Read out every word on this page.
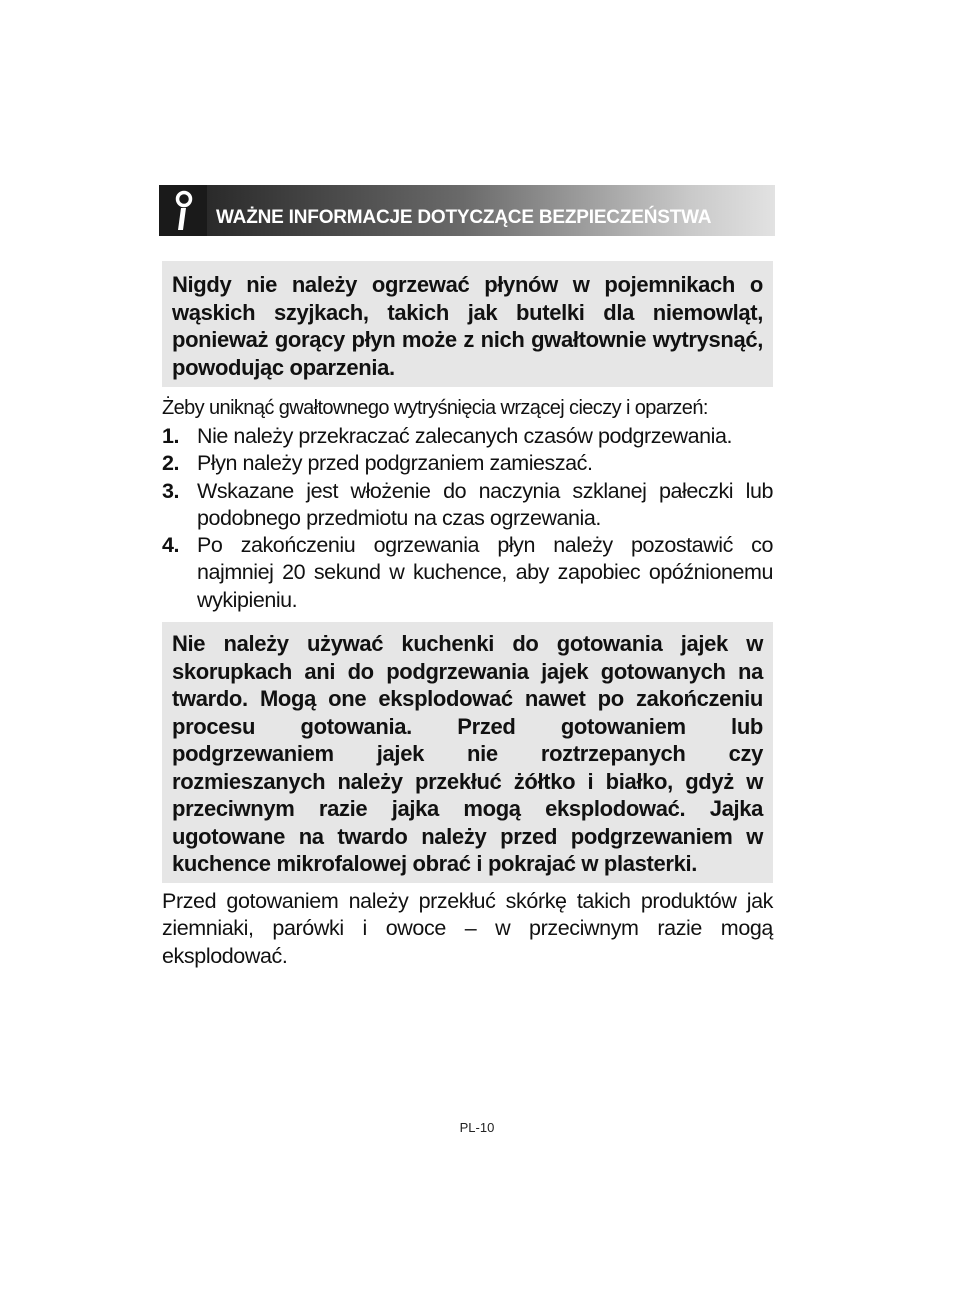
WAŻNE INFORMACJE DOTYCZĄCE BEZPIECZEŃSTWA
Nigdy nie należy ogrzewać płynów w pojemnikach o wąskich szyjkach, takich jak butelki dla niemowląt, ponieważ gorący płyn może z nich gwałtownie wytrysnąć, powodując oparzenia.
Żeby uniknąć gwałtownego wytryśnięcia wrzącej cieczy i oparzeń:
1. Nie należy przekraczać zalecanych czasów podgrzewania.
2. Płyn należy przed podgrzaniem zamieszać.
3. Wskazane jest włożenie do naczynia szklanej pałeczki lub podobnego przedmiotu na czas ogrzewania.
4. Po zakończeniu ogrzewania płyn należy pozostawić co najmniej 20 sekund w kuchence, aby zapobiec opóźnionemu wykipieniu.
Nie należy używać kuchenki do gotowania jajek w skorupkach ani do podgrzewania jajek gotowanych na twardo. Mogą one eksplodować nawet po zakończeniu procesu gotowania. Przed gotowaniem lub podgrzewaniem jajek nie roztrzepanych czy rozmieszanych należy przekłuć żółtko i białko, gdyż w przeciwnym razie jajka mogą eksplodować. Jajka ugotowane na twardo należy przed podgrzewaniem w kuchence mikrofalowej obrać i pokrajać w plasterki.
Przed gotowaniem należy przekłuć skórkę takich produktów jak ziemniaki, parówki i owoce – w przeciwnym razie mogą eksplodować.
PL-10
